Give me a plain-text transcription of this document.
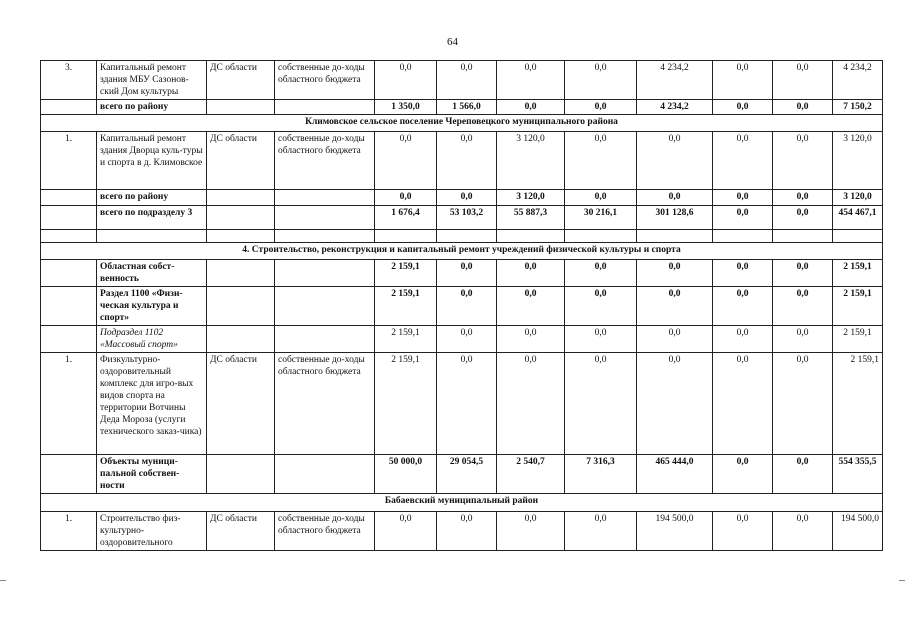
64
3.	Капитальный ремонт здания МБУ Сазонов-ский Дом культуры	ДС области	собственные до-ходы областного бюджета	0,0	0,0	0,0	0,0	4 234,2	0,0	0,0	4 234,2
	всего по району			1 350,0	1 566,0	0,0	0,0	4 234,2	0,0	0,0	7 150,2
Климовское сельское поселение Череповецкого муниципального района											
1.	Капитальный ремонт здания Дворца куль-туры и спорта в д. Климовское	ДС области	собственные до-ходы областного бюджета	0,0	0,0	3 120,0	0,0	0,0	0,0	0,0	3 120,0
	всего по району			0,0	0,0	3 120,0	0,0	0,0	0,0	0,0	3 120,0
	всего по подразделу 3			1 676,4	53 103,2	55 887,3	30 216,1	301 128,6	0,0	0,0	454 467,1

4. Строительство, реконструкция и капитальный ремонт учреждений физической культуры и спорта											
	Областная собст-венность			2 159,1	0,0	0,0	0,0	0,0	0,0	0,0	2 159,1
	Раздел 1100 «Физи-ческая культура и спорт»			2 159,1	0,0	0,0	0,0	0,0	0,0	0,0	2 159,1
	Подраздел 1102 «Массовый спорт»			2 159,1	0,0	0,0	0,0	0,0	0,0	0,0	2 159,1
1.	Физкультурно-оздоровительный комплекс для игро-вых видов спорта на территории Вотчины Деда Мороза (услуги технического заказ-чика)	ДС области	собственные до-ходы областного бюджета	2 159,1	0,0	0,0	0,0	0,0	0,0	0,0	2 159,1
	Объекты муници-пальной собствен-ности			50 000,0	29 054,5	2 540,7	7 316,3	465 444,0	0,0	0,0	554 355,5
Бабаевский муниципальный район											
1.	Строительство физ-культурно-оздоровительного	ДС области	собственные до-ходы областного бюджета	0,0	0,0	0,0	0,0	194 500,0	0,0	0,0	194 500,0
